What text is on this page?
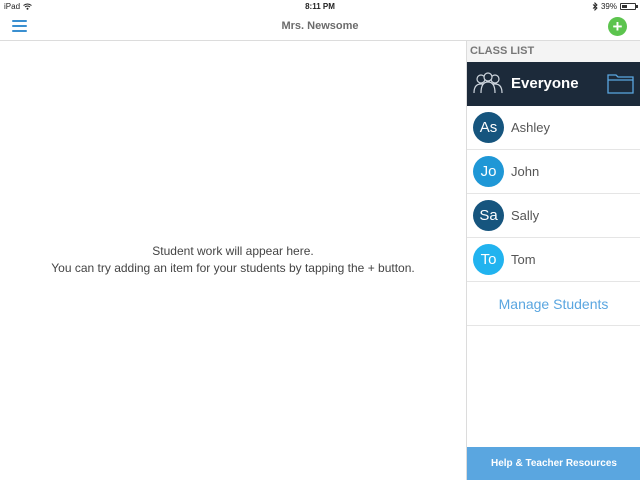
iPad	8:11 PM	39%
Mrs. Newsome	+
Student work will appear here.
You can try adding an item for your students by tapping the + button.
CLASS LIST
Everyone
As	Ashley
Jo	John
Sa	Sally
To	Tom
Manage Students
Help & Teacher Resources
